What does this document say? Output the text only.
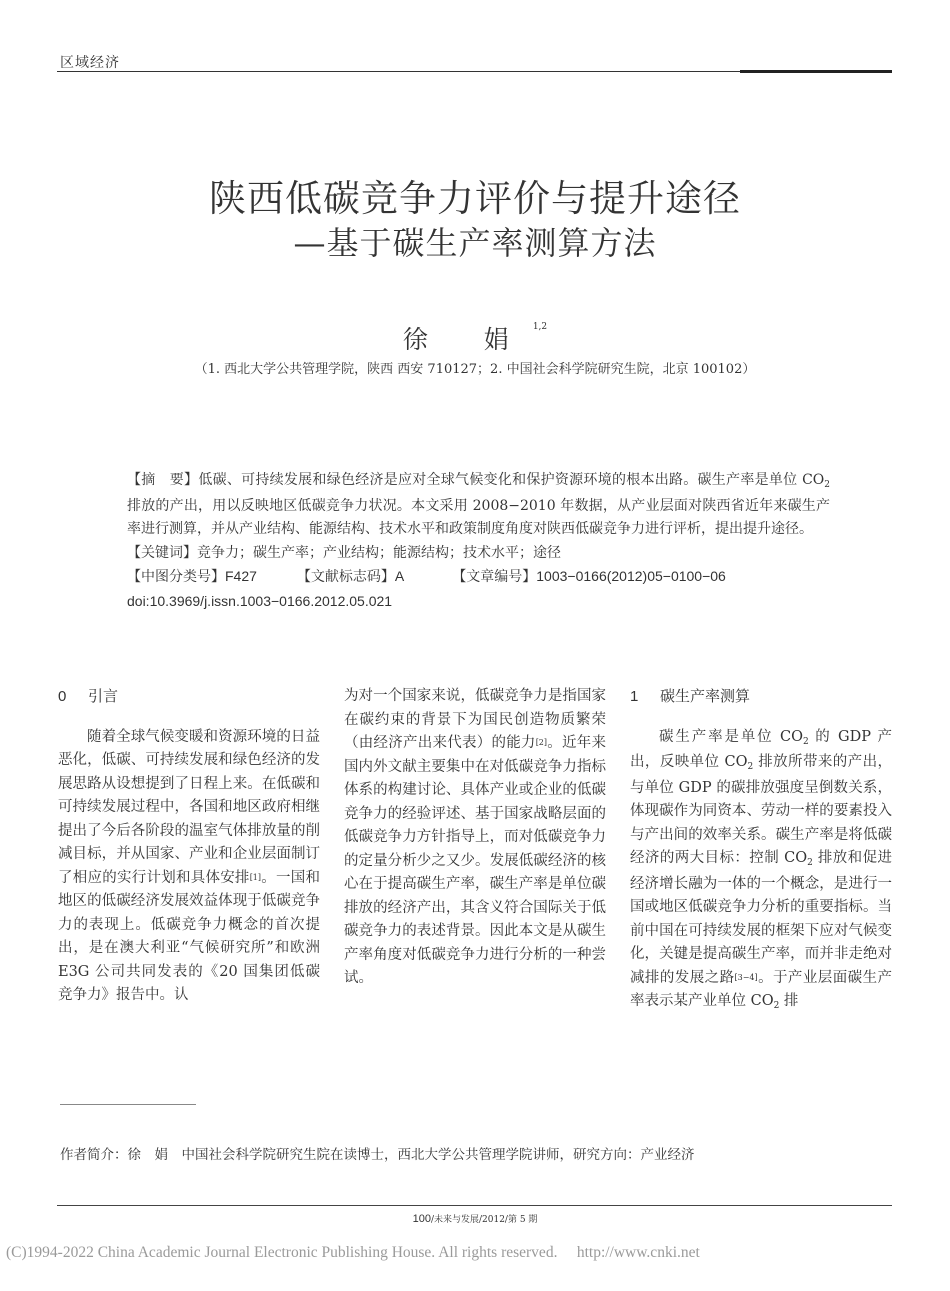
区域经济
陕西低碳竞争力评价与提升途径
—基于碳生产率测算方法
徐 娟$^{1,2}$
（1. 西北大学公共管理学院，陕西 西安 710127；2. 中国社会科学院研究生院，北京 100102）

【摘　要】低碳、可持续发展和绿色经济是应对全球气候变化和保护资源环境的根本出路。碳生产率是单位 $CO_2$ 排放的产出，用以反映地区低碳竞争力状况。本文采用 2008−2010 年数据，从产业层面对陕西省近年来碳生产率进行测算，并从产业结构、能源结构、技术水平和政策制度角度对陕西低碳竞争力进行评析，提出提升途径。

【关键词】竞争力；碳生产率；产业结构；能源结构；技术水平；途径

【中图分类号】F427	【文献标志码】A	【文章编号】1003−0166(2012)05−0100−06

doi:10.3969/j.issn.1003−0166.2012.05.021

0 引言

随着全球气候变暖和资源环境的日益恶化，低碳、可持续发展和绿色经济的发展思路从设想提到了日程上来。在低碳和可持续发展过程中，各国和地区政府相继提出了今后各阶段的温室气体排放量的削减目标，并从国家、产业和企业层面制订了相应的实行计划和具体安排[1]。一国和地区的低碳经济发展效益体现于低碳竞争力的表现上。低碳竞争力概念的首次提出，是在澳大利亚“气候研究所”和欧洲 E3G 公司共同发表的《20 国集团低碳竞争力》报告中。认

为对一个国家来说，低碳竞争力是指国家在碳约束的背景下为国民创造物质繁荣（由经济产出来代表）的能力[2]。近年来国内外文献主要集中在对低碳竞争力指标体系的构建讨论、具体产业或企业的低碳竞争力的经验评述、基于国家战略层面的低碳竞争力方针指导上，而对低碳竞争力的定量分析少之又少。发展低碳经济的核心在于提高碳生产率，碳生产率是单位碳排放的经济产出，其含义符合国际关于低碳竞争力的表述背景。因此本文是从碳生产率角度对低碳竞争力进行分析的一种尝试。

1 碳生产率测算

碳生产率是单位 $CO_2$ 的 GDP 产出，反映单位 $CO_2$ 排放所带来的产出，与单位 GDP 的碳排放强度呈倒数关系，体现碳作为同资本、劳动一样的要素投入与产出间的效率关系。碳生产率是将低碳经济的两大目标：控制 $CO_2$ 排放和促进经济增长融为一体的一个概念，是进行一国或地区低碳竞争力分析的重要指标。当前中国在可持续发展的框架下应对气候变化，关键是提高碳生产率，而并非走绝对减排的发展之路[3−4]。于产业层面碳生产率表示某产业单位 $CO_2$ 排

作者简介：徐　娟　中国社会科学院研究生院在读博士，西北大学公共管理学院讲师，研究方向：产业经济
100/未来与发展/2012/第 5 期
(C)1994-2022 China Academic Journal Electronic Publishing House. All rights reserved. http://www.cnki.net
